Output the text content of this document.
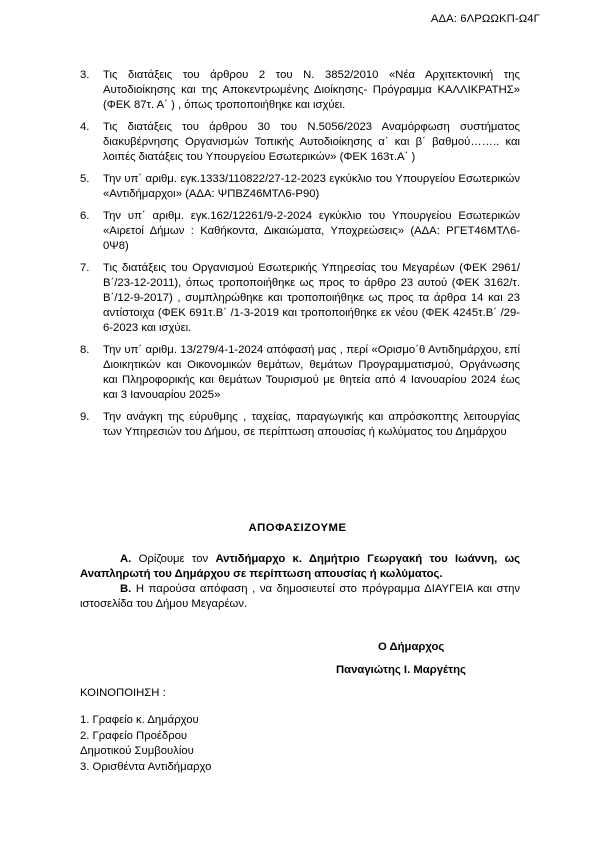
ΑΔΑ: 6ΛΡΩΩΚΠ-Ω4Γ
3. Τις διατάξεις του άρθρου 2 του Ν. 3852/2010 «Νέα Αρχιτεκτονική της Αυτοδιοίκησης και της Αποκεντρωμένης Διοίκησης- Πρόγραμμα ΚΑΛΛΙΚΡΑΤΗΣ» (ΦΕΚ 87τ. Α΄ ) , όπως τροποποιήθηκε και ισχύει.
4. Τις διατάξεις του άρθρου 30 του Ν.5056/2023 Αναμόρφωση συστήματος διακυβέρνησης Οργανισμών Τοπικής Αυτοδιοίκησης α΄ και β΄ βαθμού…….. και λοιπές διατάξεις του Υπουργείου Εσωτερικών» (ΦΕΚ 163τ.Α΄ )
5. Την υπ΄ αριθμ. εγκ.1333/110822/27-12-2023 εγκύκλιο του Υπουργείου Εσωτερικών «Αντιδήμαρχοι» (ΑΔΑ: ΨΠΒΖ46ΜΤΛ6-Ρ90)
6. Την υπ΄ αριθμ. εγκ.162/12261/9-2-2024 εγκύκλιο του Υπουργείου Εσωτερικών «Αιρετοί Δήμων : Καθήκοντα, Δικαιώματα, Υποχρεώσεις» (ΑΔΑ: ΡΓΕΤ46ΜΤΛ6-0Ψ8)
7. Τις διατάξεις του Οργανισμού Εσωτερικής Υπηρεσίας του Μεγαρέων (ΦΕΚ 2961/Β΄/23-12-2011), όπως τροποποιήθηκε ως προς το άρθρο 23 αυτού (ΦΕΚ 3162/τ. Β΄/12-9-2017) , συμπληρώθηκε και τροποποιήθηκε ως προς τα άρθρα 14 και 23 αντίστοιχα (ΦΕΚ 691τ.Β΄ /1-3-2019 και τροποποιήθηκε εκ νέου (ΦΕΚ 4245τ.Β΄ /29-6-2023 και ισχύει.
8. Την υπ΄ αριθμ. 13/279/4-1-2024 απόφασή μας , περί «Ορισμο΄θ Αντιδημάρχου, επί Διοικητικών και Οικονομικών θεμάτων, θεμάτων Προγραμματισμού, Οργάνωσης και Πληροφορικής και θεμάτων Τουρισμού με θητεία από 4 Ιανουαρίου 2024 έως και 3 Ιανουαρίου 2025»
9. Την ανάγκη της εύρυθμης , ταχείας, παραγωγικής και απρόσκοπτης λειτουργίας των Υπηρεσιών του Δήμου, σε περίπτωση απουσίας ή κωλύματος του Δημάρχου
ΑΠΟΦΑΣΙΖΟΥΜΕ
Α. Ορίζουμε τον Αντιδήμαρχο κ. Δημήτριο Γεωργακή του Ιωάννη, ως Αναπληρωτή του Δημάρχου σε περίπτωση απουσίας ή κωλύματος.
Β. Η παρούσα απόφαση , να δημοσιευτεί στο πρόγραμμα ΔΙΑΥΓΕΙΑ και στην ιστοσελίδα του Δήμου Μεγαρέων.
Ο Δήμαρχος
Παναγιώτης Ι. Μαργέτης
ΚΟΙΝΟΠΟΙΗΣΗ :
1. Γραφείο κ. Δημάρχου
2. Γραφείο Προέδρου
Δημοτικού Συμβουλίου
3. Ορισθέντα Αντιδήμαρχο
